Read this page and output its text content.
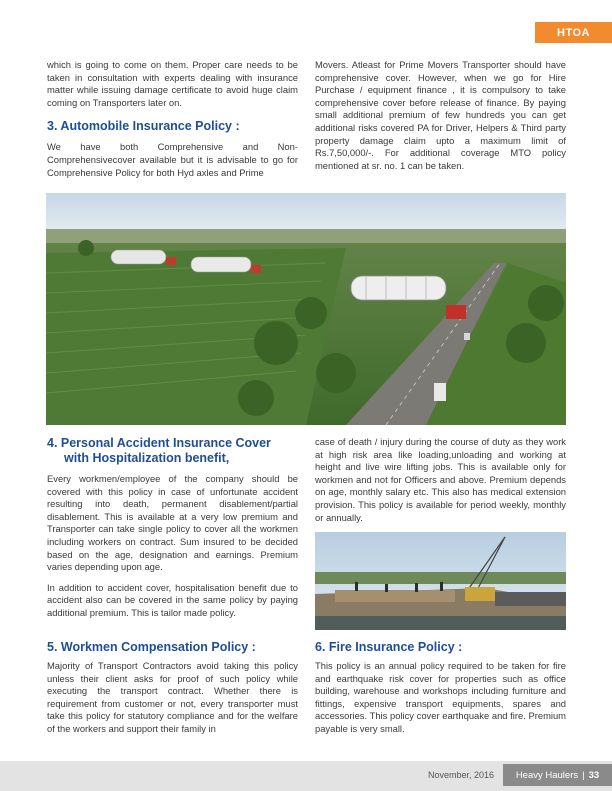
HTOA

which is going to come on them. Proper care needs to be taken in consultation with experts dealing with insurance matter while issuing damage certificate to avoid huge claim coming on Transporters later on.

3. Automobile Insurance Policy :

We have both Comprehensive and Non-Comprehensivecover available but it is advisable to go for Comprehensive Policy for both Hyd axles and Prime

Movers. Atleast for Prime Movers Transporter should have comprehensive cover. However, when we go for Hire Purchase / equipment finance , it is compulsory to take comprehensive cover before release of finance. By paying small additional premium of few hundreds you can get additional risks covered PA for Driver, Helpers & Third party property damage claim upto a maximum limit of Rs.7,50,000/-. For additional coverage MTO policy mentioned at sr. no. 1 can be taken.

4. Personal Accident Insurance Cover

with Hospitalization benefit,

Every workmen/employee of the company should be covered with this policy in case of unfortunate accident resulting into death, permanent disablement/partial disablement. This is available at a very low premium and Transporter can take single policy to cover all the workmen including workers on contract. Sum insured to be decided based on the age, designation and earnings. Premium varies depending upon age.

In addition to accident cover, hospitalisation benefit due to accident also can be covered in the same policy by paying additional premium. This is tailor made policy.

case of death / injury during the course of duty as they work at high risk area like loading,unloading and working at height and live wire lifting jobs. This is available only for workmen and not for Officers and above. Premium depends on age, monthly salary etc. This also has medical extension provision. This policy is available for period weekly, monthly or annually.

5. Workmen Compensation Policy :

Majority of Transport Contractors avoid taking this policy unless their client asks for proof of such policy while executing the transport contract. Whether there is requirement from customer or not, every transporter must take this policy for statutory compliance and for the welfare of the workers and support their family in

6. Fire Insurance Policy :

This policy is an annual policy required to be taken for fire and earthquake risk cover for properties such as office building, warehouse and workshops including furniture and fittings, expensive transport equipments, spares and accessories. This policy cover earthquake and fire. Premium payable is very small.

November, 2016 Heavy Haulers | 33
